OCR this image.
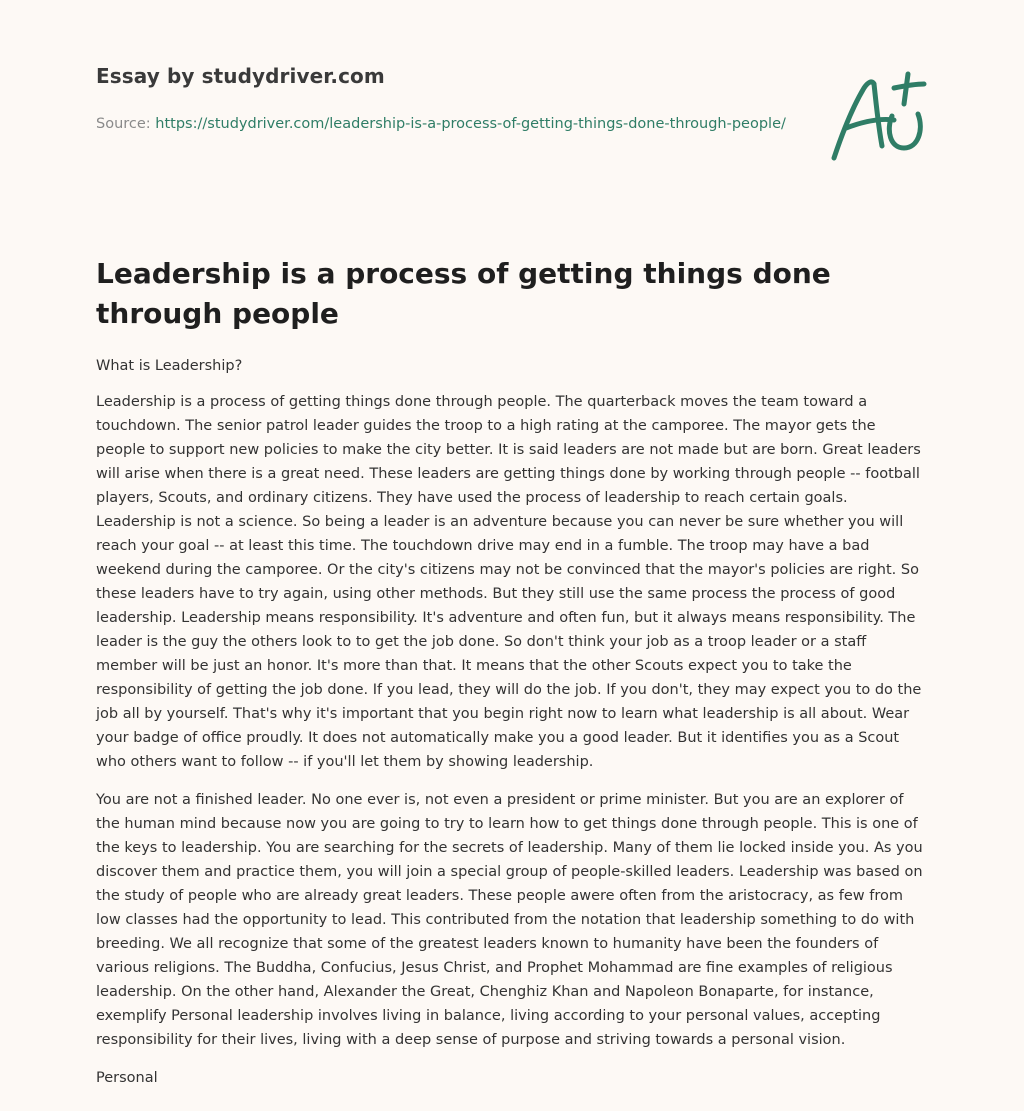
Essay by studydriver.com
Source: https://studydriver.com/leadership-is-a-process-of-getting-things-done-through-people/
Leadership is a process of getting things done through people

What is Leadership?

Leadership is a process of getting things done through people. The quarterback moves the team toward a touchdown. The senior patrol leader guides the troop to a high rating at the camporee. The mayor gets the people to support new policies to make the city better. It is said leaders are not made but are born. Great leaders will arise when there is a great need. These leaders are getting things done by working through people -- football players, Scouts, and ordinary citizens. They have used the process of leadership to reach certain goals. Leadership is not a science. So being a leader is an adventure because you can never be sure whether you will reach your goal -- at least this time. The touchdown drive may end in a fumble. The troop may have a bad weekend during the camporee. Or the city's citizens may not be convinced that the mayor's policies are right. So these leaders have to try again, using other methods. But they still use the same process the process of good leadership. Leadership means responsibility. It's adventure and often fun, but it always means responsibility. The leader is the guy the others look to to get the job done. So don't think your job as a troop leader or a staff member will be just an honor. It's more than that. It means that the other Scouts expect you to take the responsibility of getting the job done. If you lead, they will do the job. If you don't, they may expect you to do the job all by yourself. That's why it's important that you begin right now to learn what leadership is all about. Wear your badge of office proudly. It does not automatically make you a good leader. But it identifies you as a Scout who others want to follow -- if you'll let them by showing leadership.

You are not a finished leader. No one ever is, not even a president or prime minister. But you are an explorer of the human mind because now you are going to try to learn how to get things done through people. This is one of the keys to leadership. You are searching for the secrets of leadership. Many of them lie locked inside you. As you discover them and practice them, you will join a special group of people-skilled leaders. Leadership was based on the study of people who are already great leaders. These people awere often from the aristocracy, as few from low classes had the opportunity to lead. This contributed from the notation that leadership something to do with breeding. We all recognize that some of the greatest leaders known to humanity have been the founders of various religions. The Buddha, Confucius, Jesus Christ, and Prophet Mohammad are fine examples of religious leadership. On the other hand, Alexander the Great, Chenghiz Khan and Napoleon Bonaparte, for instance, exemplify Personal leadership involves living in balance, living according to your personal values, accepting responsibility for their lives, living with a deep sense of purpose and striving towards a personal vision.

Personal
